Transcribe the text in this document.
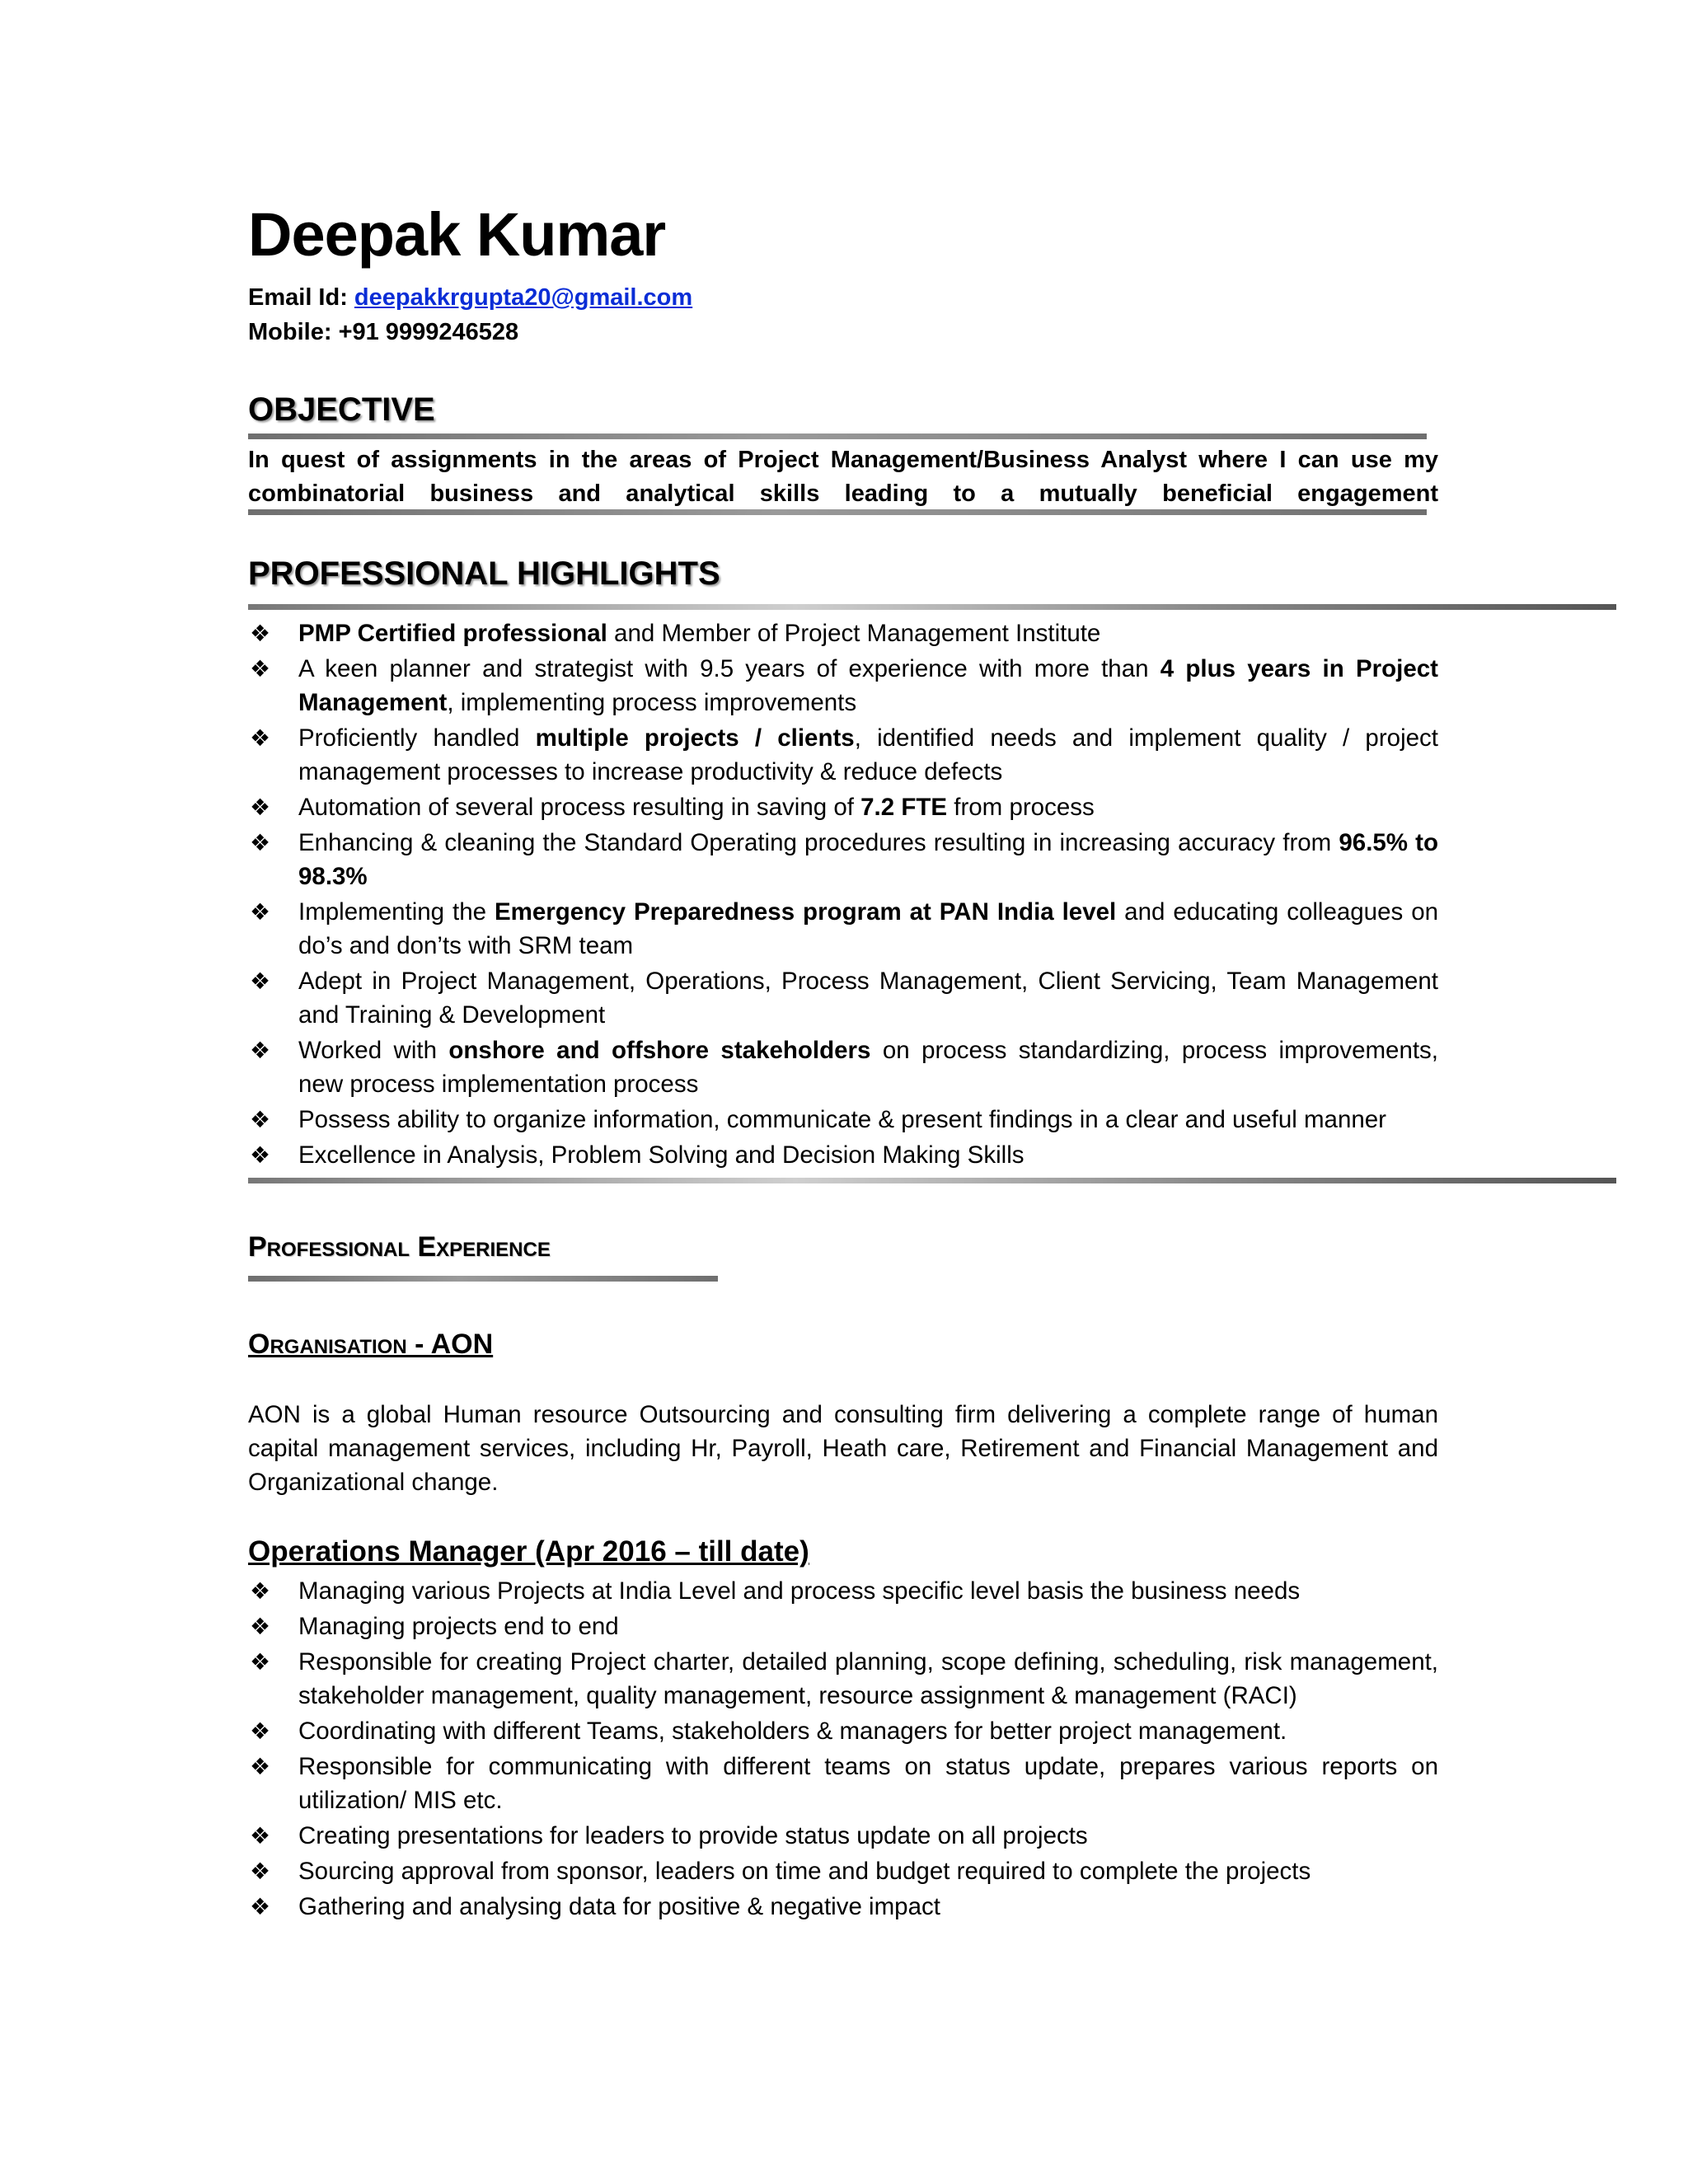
Deepak Kumar
Email Id: deepakkrgupta20@gmail.com
Mobile: +91 9999246528
OBJECTIVE
In quest of assignments in the areas of Project Management/Business Analyst where I can use my combinatorial business and analytical skills leading to a mutually beneficial engagement
PROFESSIONAL HIGHLIGHTS
❖ PMP Certified professional and Member of Project Management Institute
❖ A keen planner and strategist with 9.5 years of experience with more than 4 plus years in Project Management, implementing process improvements
❖ Proficiently handled multiple projects / clients, identified needs and implement quality / project management processes to increase productivity & reduce defects
❖ Automation of several process resulting in saving of 7.2 FTE from process
❖ Enhancing & cleaning the Standard Operating procedures resulting in increasing accuracy from 96.5% to 98.3%
❖ Implementing the Emergency Preparedness program at PAN India level and educating colleagues on do’s and don’ts with SRM team
❖ Adept in Project Management, Operations, Process Management, Client Servicing, Team Management and Training & Development
❖ Worked with onshore and offshore stakeholders on process standardizing, process improvements, new process implementation process
❖ Possess ability to organize information, communicate & present findings in a clear and useful manner
❖ Excellence in Analysis, Problem Solving and Decision Making Skills
Professional Experience
Organisation - AON
AON is a global Human resource Outsourcing and consulting firm delivering a complete range of human capital management services, including Hr, Payroll, Heath care, Retirement and Financial Management and Organizational change.
Operations Manager (Apr 2016 – till date)
❖ Managing various Projects at India Level and process specific level basis the business needs
❖ Managing projects end to end
❖ Responsible for creating Project charter, detailed planning, scope defining, scheduling, risk management, stakeholder management, quality management, resource assignment & management (RACI)
❖ Coordinating with different Teams, stakeholders & managers for better project management.
❖ Responsible for communicating with different teams on status update, prepares various reports on utilization/ MIS etc.
❖ Creating presentations for leaders to provide status update on all projects
❖ Sourcing approval from sponsor, leaders on time and budget required to complete the projects
❖ Gathering and analysing data for positive & negative impact
